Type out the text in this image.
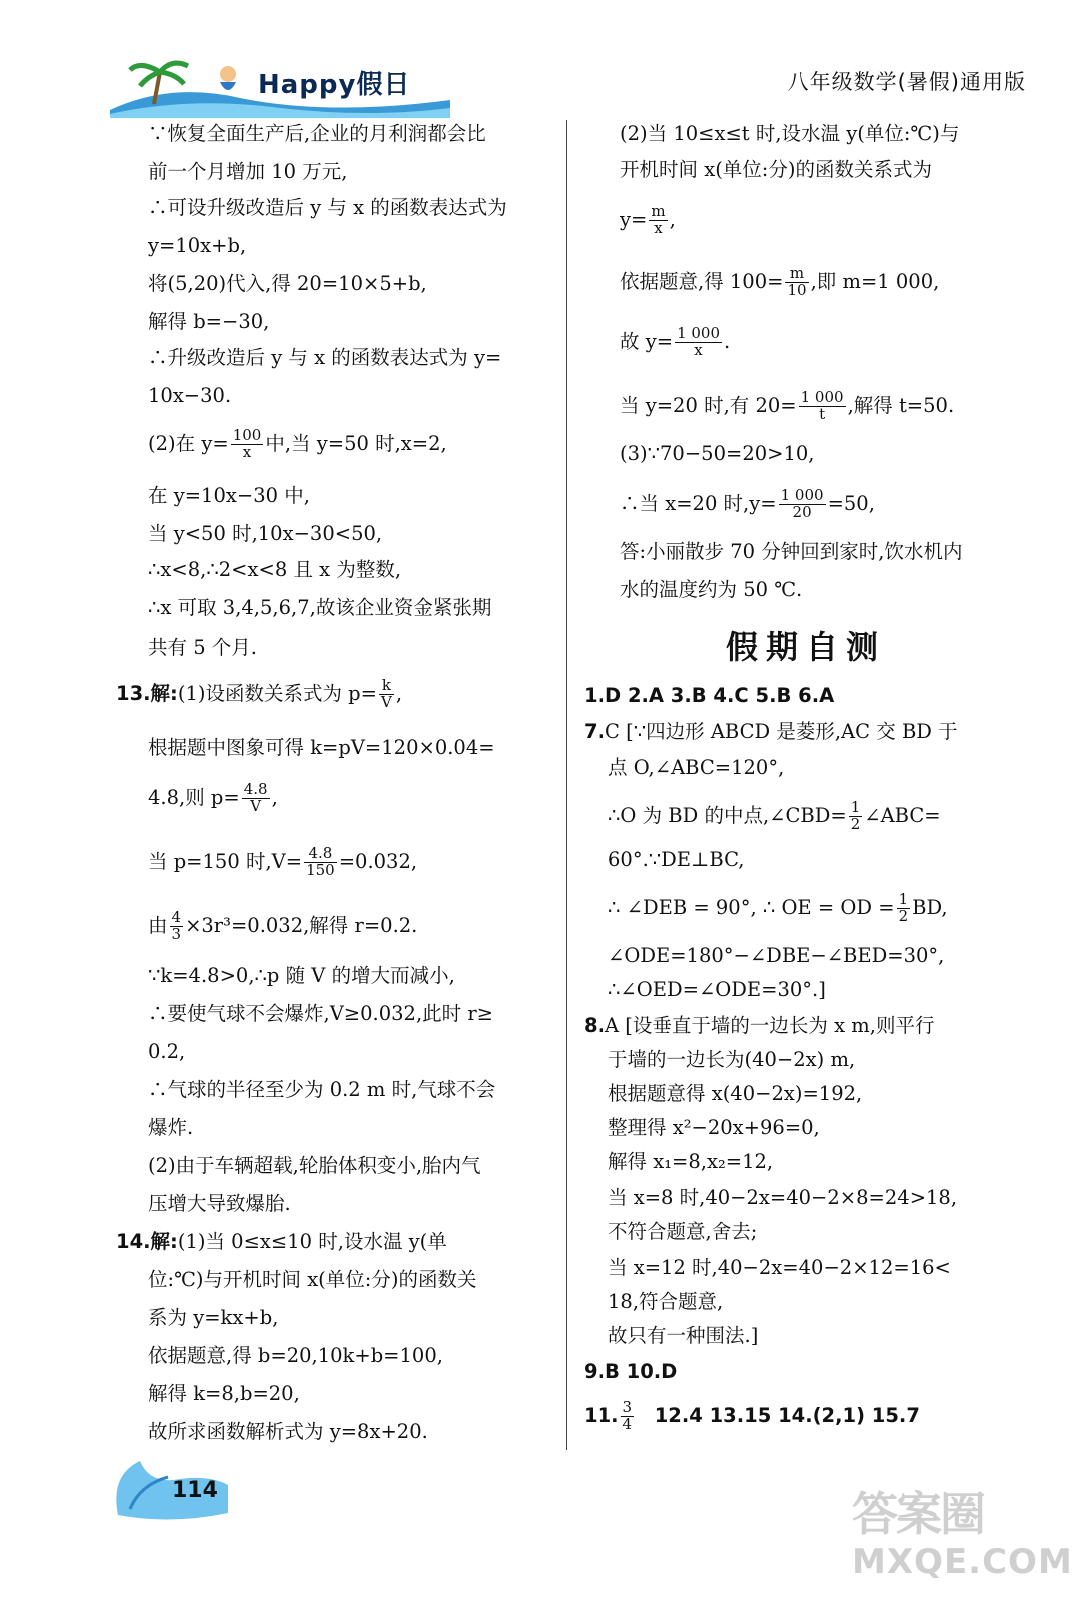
Happy假日	八年级数学(暑假)通用版
∵恢复全面生产后,企业的月利润都会比
前一个月增加 10 万元,
∴可设升级改造后 y 与 x 的函数表达式为
y=10x+b,
将(5,20)代入,得 20=10×5+b,
解得 b=−30,
∴升级改造后 y 与 x 的函数表达式为 y=
10x−30.
(2)在 $y= \frac{100}{x}$ 中,当 y=50 时,x=2,
在 y=10x−30 中,
当 y<50 时,10x−30<50,
∴x<8,∴2<x<8 且 x 为整数,
∴x 可取 3,4,5,6,7,故该企业资金紧张期
共有 5 个月.
13.解:(1)设函数关系式为 $p= \frac{k}{V}$ ,
根据题中图象可得 k=pV=120×0.04=
4.8,则 $p= \frac{4.8}{V}$ ,
当 p=150 时$,V= \frac{4.8}{150} =0.032$,
由 $\frac{4}{3} \times 3r^3=0.032$,解得 r=0.2.
∵k=4.8>0,∴p 随 V 的增大而减小,
∴要使气球不会爆炸,V≥0.032,此时 r≥
0.2,
∴气球的半径至少为 0.2 m 时,气球不会
爆炸.
(2)由于车辆超载,轮胎体积变小,胎内气
压增大导致爆胎.
14.解:(1)当 0≤x≤10 时,设水温 y(单
位:℃)与开机时间 x(单位:分)的函数关
系为 y=kx+b,
依据题意,得 b=20,10k+b=100,
解得 k=8,b=20,
故所求函数解析式为 y=8x+20.
(2)当 10≤x≤t 时,设水温 y(单位:℃)与
开机时间 x(单位:分)的函数关系式为
$y= \frac{m}{x}$ ,
依据题意,得 $100= \frac{m}{10}$ ,即 m=1 000,
故 $y= \frac{1 000}{x}$ .
当 y=20 时,有 $20= \frac{1 000}{t}$ ,解得 t=50.
(3)∵70−50=20>10,
∴当 x=20 时$,y= \frac{1 000}{20} =50$,
答:小丽散步 70 分钟回到家时,饮水机内
水的温度约为 50 ℃.
假期自测
1.D 2.A 3.B 4.C 5.B 6.A
7.C [∵四边形 ABCD 是菱形,AC 交 BD 于
点 O,∠ABC=120°,
∴O 为 BD 的中点,∠CBD= $\frac{1}{2}$ ∠ABC=
60°.∵DE⊥BC,
∴ ∠DEB = 90°, ∴ OE = OD = $\frac{1}{2}$ BD,
∠ODE=180°−∠DBE−∠BED=30°,
∴∠OED=∠ODE=30°.]
8.A [设垂直于墙的一边长为 x m,则平行
于墙的一边长为(40−2x) m,
根据题意得 x(40−2x)=192,
整理得 x²−20x+96=0,
解得 x₁=8,x₂=12,
当 x=8 时,40−2x=40−2×8=24>18,
不符合题意,舍去;
当 x=12 时,40−2x=40−2×12=16<
18,符合题意,
故只有一种围法.]
9.B 10.D
11. $\frac{3}{4} 12.4$ 13.15 14.(2,1) 15.7
114	答案圈
MXQE.COM
